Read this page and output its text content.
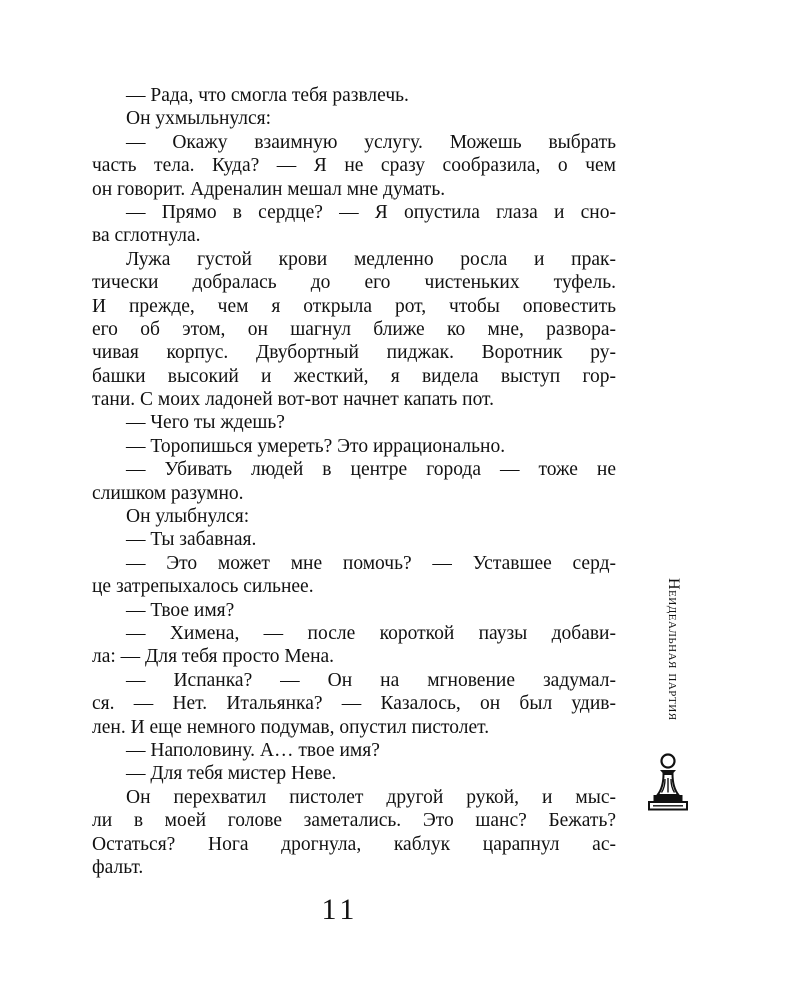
— Рада, что смогла тебя развлечь.
Он ухмыльнулся:
— Окажу взаимную услугу. Можешь выбрать
часть тела. Куда? — Я не сразу сообразила, о чем
он говорит. Адреналин мешал мне думать.
— Прямо в сердце? — Я опустила глаза и сно-
ва сглотнула.
Лужа густой крови медленно росла и прак-
тически добралась до его чистеньких туфель.
И прежде, чем я открыла рот, чтобы оповестить
его об этом, он шагнул ближе ко мне, развора-
чивая корпус. Двубортный пиджак. Воротник ру-
башки высокий и жесткий, я видела выступ гор-
тани. С моих ладоней вот-вот начнет капать пот.
— Чего ты ждешь?
— Торопишься умереть? Это иррационально.
— Убивать людей в центре города — тоже не
слишком разумно.
Он улыбнулся:
— Ты забавная.
— Это может мне помочь? — Уставшее серд-
це затрепыхалось сильнее.
— Твое имя?
— Химена, — после короткой паузы добави-
ла: — Для тебя просто Мена.
— Испанка? — Он на мгновение задумал-
ся. — Нет. Итальянка? — Казалось, он был удив-
лен. И еще немного подумав, опустил пистолет.
— Наполовину. А… твое имя?
— Для тебя мистер Неве.
Он перехватил пистолет другой рукой, и мыс-
ли в моей голове заметались. Это шанс? Бежать?
Остаться? Нога дрогнула, каблук царапнул ас-
фальт.
Неидеальная партия
11
